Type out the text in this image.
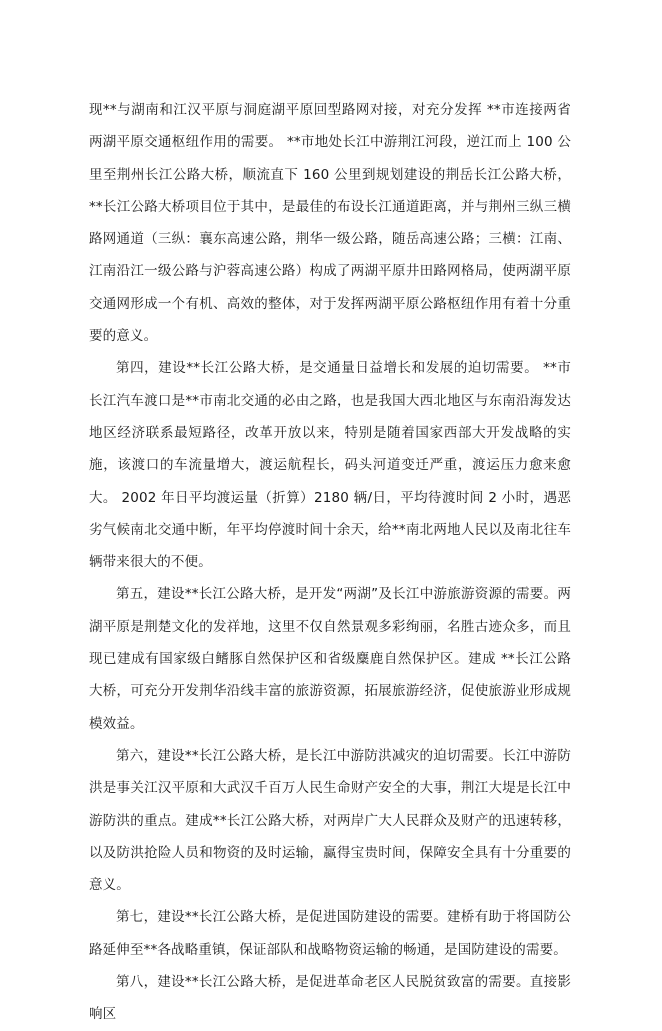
现**与湖南和江汉平原与洞庭湖平原回型路网对接，对充分发挥 **市连接两省两湖平原交通枢纽作用的需要。 **市地处长江中游荆江河段，逆江而上 100 公里至荆州长江公路大桥，顺流直下 160 公里到规划建设的荆岳长江公路大桥， **长江公路大桥项目位于其中，是最佳的布设长江通道距离，并与荆州三纵三横路网通道（三纵：襄东高速公路，荆华一级公路，随岳高速公路；三横：江南、江南沿江一级公路与沪蓉高速公路）构成了两湖平原井田路网格局，使两湖平原交通网形成一个有机、高效的整体，对于发挥两湖平原公路枢纽作用有着十分重要的意义。

第四，建设**长江公路大桥，是交通量日益增长和发展的迫切需要。 **市长江汽车渡口是**市南北交通的必由之路，也是我国大西北地区与东南沿海发达地区经济联系最短路径，改革开放以来，特别是随着国家西部大开发战略的实施，该渡口的车流量增大，渡运航程长，码头河道变迁严重，渡运压力愈来愈大。 2002 年日平均渡运量（折算）2180 辆/日，平均待渡时间 2 小时，遇恶劣气候南北交通中断，年平均停渡时间十余天，给**南北两地人民以及南北往车辆带来很大的不便。

第五，建设**长江公路大桥，是开发“两湖”及长江中游旅游资源的需要。两湖平原是荆楚文化的发祥地，这里不仅自然景观多彩绚丽，名胜古迹众多，而且现已建成有国家级白鳍豚自然保护区和省级麋鹿自然保护区。建成 **长江公路大桥，可充分开发荆华沿线丰富的旅游资源，拓展旅游经济，促使旅游业形成规模效益。

第六，建设**长江公路大桥，是长江中游防洪减灾的迫切需要。长江中游防洪是事关江汉平原和大武汉千百万人民生命财产安全的大事，荆江大堤是长江中游防洪的重点。建成**长江公路大桥，对两岸广大人民群众及财产的迅速转移，以及防洪抢险人员和物资的及时运输，赢得宝贵时间，保障安全具有十分重要的意义。

第七，建设**长江公路大桥，是促进国防建设的需要。建桥有助于将国防公路延伸至**各战略重镇，保证部队和战略物资运输的畅通，是国防建设的需要。

第八，建设**长江公路大桥，是促进革命老区人民脱贫致富的需要。直接影响区
